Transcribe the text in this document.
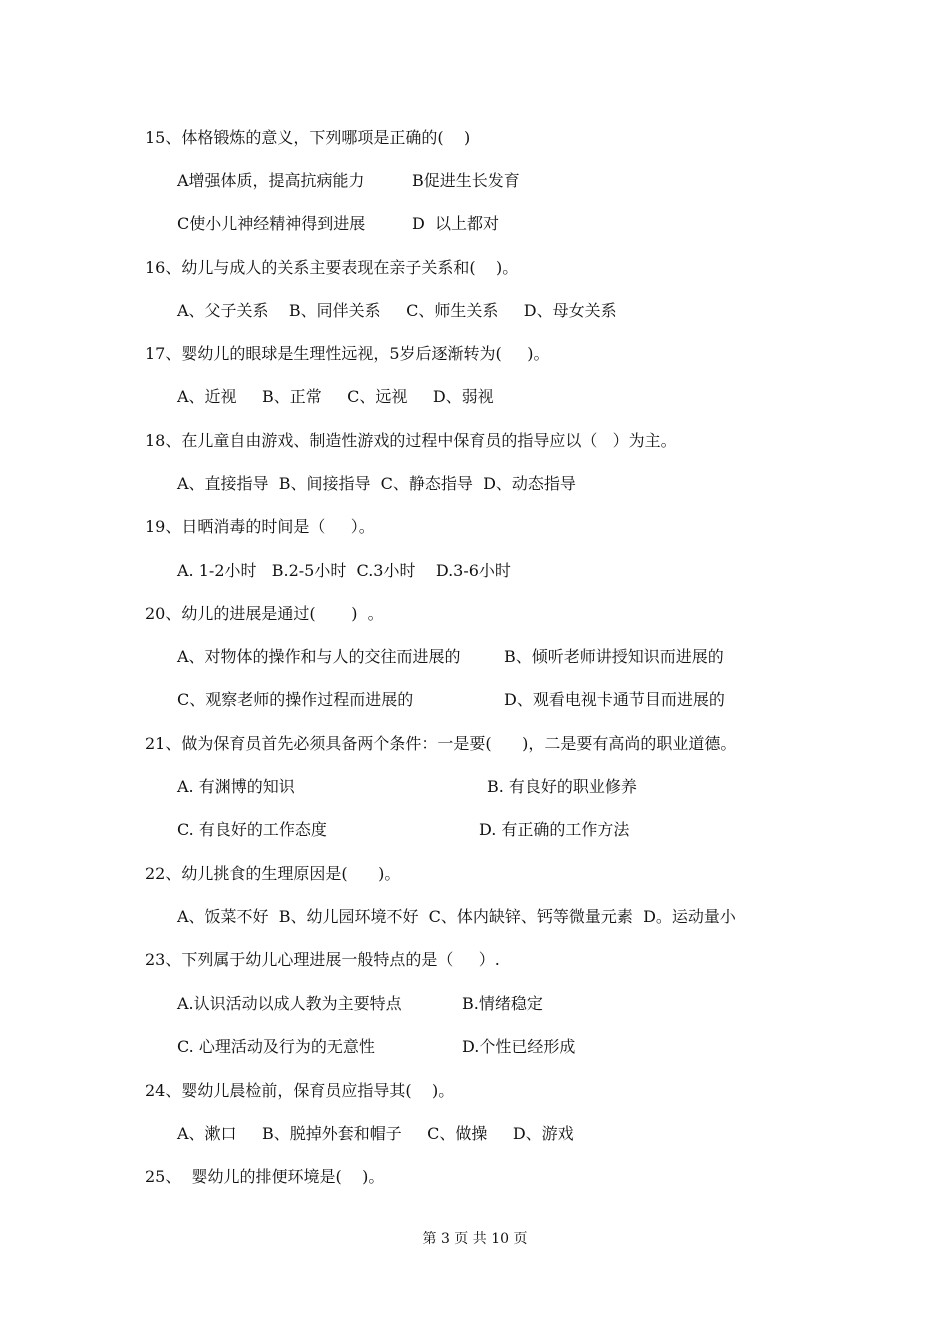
15、体格锻炼的意义，下列哪项是正确的(    )
A增强体质，提高抗病能力	B促进生长发育
C使小儿神经精神得到进展	D  以上都对
16、幼儿与成人的关系主要表现在亲子关系和(    )。
A、父子关系    B、同伴关系     C、师生关系     D、母女关系
17、婴幼儿的眼球是生理性远视，5岁后逐渐转为(     )。
A、近视     B、正常     C、远视     D、弱视
18、在儿童自由游戏、制造性游戏的过程中保育员的指导应以（   ）为主。
A、直接指导  B、间接指导  C、静态指导  D、动态指导
19、日晒消毒的时间是（     ）。
A. 1-2小时   B.2-5小时  C.3小时    D.3-6小时
20、幼儿的进展是通过(       )  。
A、对物体的操作和与人的交往而进展的	B、倾听老师讲授知识而进展的
C、观察老师的操作过程而进展的	D、观看电视卡通节目而进展的
21、做为保育员首先必须具备两个条件：一是要(      )，二是要有高尚的职业道德。
A. 有渊博的知识	B. 有良好的职业修养
C. 有良好的工作态度	D. 有正确的工作方法
22、幼儿挑食的生理原因是(      )。
A、饭菜不好  B、幼儿园环境不好  C、体内缺锌、钙等微量元素  D。运动量小
23、下列属于幼儿心理进展一般特点的是（     ）.
A.认识活动以成人教为主要特点	B.情绪稳定
C. 心理活动及行为的无意性	D.个性已经形成
24、婴幼儿晨检前，保育员应指导其(    )。
A、漱口     B、脱掉外套和帽子     C、做操     D、游戏
25、  婴幼儿的排便环境是(    )。
第 3 页 共 10 页
